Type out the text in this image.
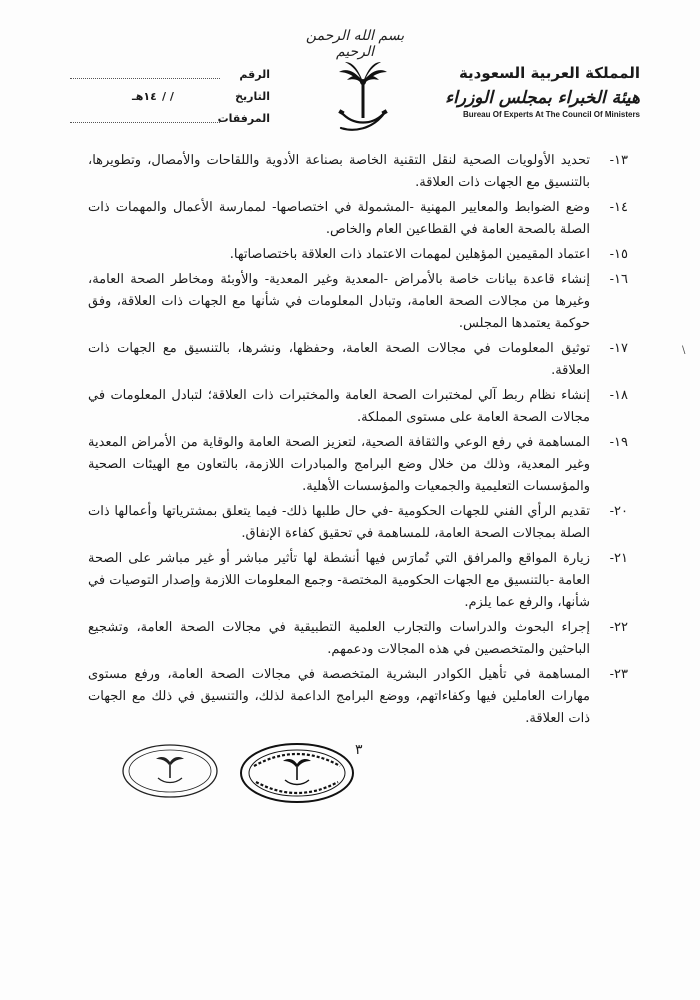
بسم الله الرحمن الرحيم
المملكة العربية السعودية
هيئة الخبراء بمجلس الوزراء
Bureau Of Experts At The Council Of Ministers
الرقم
/ /
١٤هـ	التاريخ
المرفقات
١٣-
تحديد الأولويات الصحية لنقل التقنية الخاصة بصناعة الأدوية واللقاحات والأمصال، وتطويرها، بالتنسيق مع الجهات ذات العلاقة.
١٤-
وضع الضوابط والمعايير المهنية -المشمولة في اختصاصها- لممارسة الأعمال والمهمات ذات الصلة بالصحة العامة في القطاعين العام والخاص.
١٥-
اعتماد المقيمين المؤهلين لمهمات الاعتماد ذات العلاقة باختصاصاتها.
١٦-
إنشاء قاعدة بيانات خاصة بالأمراض -المعدية وغير المعدية- والأوبئة ومخاطر الصحة العامة، وغيرها من مجالات الصحة العامة، وتبادل المعلومات في شأنها مع الجهات ذات العلاقة، وفق حوكمة يعتمدها المجلس.
١٧-
توثيق المعلومات في مجالات الصحة العامة، وحفظها، ونشرها، بالتنسيق مع الجهات ذات العلاقة.
١٨-
إنشاء نظام ربط آلي لمختبرات الصحة العامة والمختبرات ذات العلاقة؛ لتبادل المعلومات في مجالات الصحة العامة على مستوى المملكة.
١٩-
المساهمة في رفع الوعي والثقافة الصحية، لتعزيز الصحة العامة والوقاية من الأمراض المعدية وغير المعدية، وذلك من خلال وضع البرامج والمبادرات اللازمة، بالتعاون مع الهيئات الصحية والمؤسسات التعليمية والجمعيات والمؤسسات الأهلية.
٢٠-
تقديم الرأي الفني للجهات الحكومية -في حال طلبها ذلك- فيما يتعلق بمشترياتها وأعمالها ذات الصلة بمجالات الصحة العامة، للمساهمة في تحقيق كفاءة الإنفاق.
٢١-
زيارة المواقع والمرافق التي تُمارَس فيها أنشطة لها تأثير مباشر أو غير مباشر على الصحة العامة -بالتنسيق مع الجهات الحكومية المختصة- وجمع المعلومات اللازمة وإصدار التوصيات في شأنها، والرفع عما يلزم.
٢٢-
إجراء البحوث والدراسات والتجارب العلمية التطبيقية في مجالات الصحة العامة، وتشجيع الباحثين والمتخصصين في هذه المجالات ودعمهم.
٢٣-
المساهمة في تأهيل الكوادر البشرية المتخصصة في مجالات الصحة العامة، ورفع مستوى مهارات العاملين فيها وكفاءاتهم، ووضع البرامج الداعمة لذلك، والتنسيق في ذلك مع الجهات ذات العلاقة.
٣
\
